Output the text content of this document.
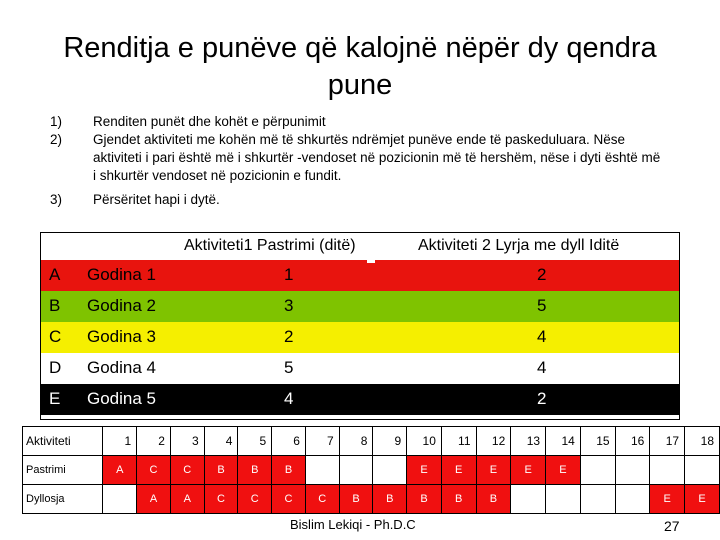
Renditja e punëve që kalojnë nëpër dy qendra pune
1) Renditen punët dhe kohët e përpunimit
2) Gjendet aktiviteti me kohën më të shkurtës ndrëmjet punëve ende të paskeduluara. Nëse aktiviteti i pari është më i shkurtër -vendoset në pozicionin më të hershëm, nëse i dyti është më i shkurtër vendoset në pozicionin e fundit.
3) Përsëritet hapi i dytë.
Aktiviteti1 Pastrimi (ditë)	Aktiviteti 2 Lyrja me dyll Iditë
A Godina 1	1	2
B Godina 2	3	5
C Godina 3	2	4
D Godina 4	5	4
E Godina 5	4	2
Aktiviteti	1	2	3	4	5	6	7	8	9	10	11	12	13	14	15	16	17	18
Pastrimi	A	C	C	B	B	B				E	E	E	E	E				
Dyllosja		A	A	C	C	C	C	B	B	B	B	B					E	E
Bislim Lekiqi - Ph.D.C	27
